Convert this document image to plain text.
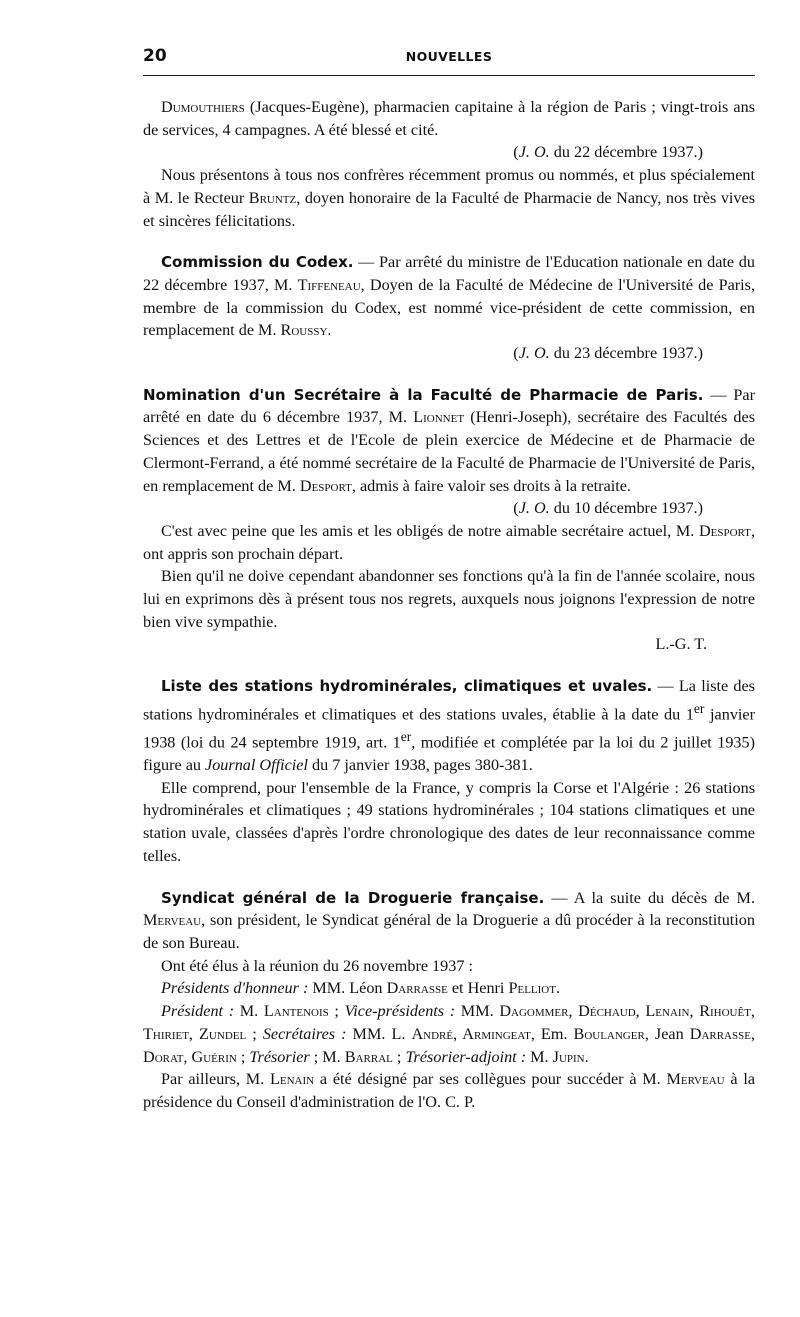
20	NOUVELLES

Dumouthiers (Jacques-Eugène), pharmacien capitaine à la région de Paris ; vingt-trois ans de services, 4 campagnes. A été blessé et cité.

(J. O. du 22 décembre 1937.)

Nous présentons à tous nos confrères récemment promus ou nommés, et plus spécialement à M. le Recteur Bruntz, doyen honoraire de la Faculté de Pharmacie de Nancy, nos très vives et sincères félicitations.

Commission du Codex. — Par arrêté du ministre de l'Education nationale en date du 22 décembre 1937, M. Tiffeneau, Doyen de la Faculté de Médecine de l'Université de Paris, membre de la commission du Codex, est nommé vice-président de cette commission, en remplacement de M. Roussy.

(J. O. du 23 décembre 1937.)

Nomination d'un Secrétaire à la Faculté de Pharmacie de Paris. — Par arrêté en date du 6 décembre 1937, M. Lionnet (Henri-Joseph), secrétaire des Facultés des Sciences et des Lettres et de l'Ecole de plein exercice de Médecine et de Pharmacie de Clermont-Ferrand, a été nommé secrétaire de la Faculté de Pharmacie de l'Université de Paris, en remplacement de M. Desport, admis à faire valoir ses droits à la retraite.

(J. O. du 10 décembre 1937.)

C'est avec peine que les amis et les obligés de notre aimable secrétaire actuel, M. Desport, ont appris son prochain départ.

Bien qu'il ne doive cependant abandonner ses fonctions qu'à la fin de l'année scolaire, nous lui en exprimons dès à présent tous nos regrets, auxquels nous joignons l'expression de notre bien vive sympathie.

L.-G. T.

Liste des stations hydrominérales, climatiques et uvales. — La liste des stations hydrominérales et climatiques et des stations uvales, établie à la date du 1er janvier 1938 (loi du 24 septembre 1919, art. 1er, modifiée et complétée par la loi du 2 juillet 1935) figure au Journal Officiel du 7 janvier 1938, pages 380-381.

Elle comprend, pour l'ensemble de la France, y compris la Corse et l'Algérie : 26 stations hydrominérales et climatiques ; 49 stations hydrominérales ; 104 stations climatiques et une station uvale, classées d'après l'ordre chronologique des dates de leur reconnaissance comme telles.

Syndicat général de la Droguerie française. — A la suite du décès de M. Merveau, son président, le Syndicat général de la Droguerie a dû procéder à la reconstitution de son Bureau.

Ont été élus à la réunion du 26 novembre 1937 :

Présidents d'honneur : MM. Léon Darrasse et Henri Pelliot.

Président : M. Lantenois ; Vice-présidents : MM. Dagommer, Déchaud, Lenain, Rihouêt, Thiriet, Zundel ; Secrétaires : MM. L. André, Armingeat, Em. Boulanger, Jean Darrasse, Dorat, Guérin ; Trésorier ; M. Barral ; Trésorier-adjoint : M. Jupin.

Par ailleurs, M. Lenain a été désigné par ses collègues pour succéder à M. Merveau à la présidence du Conseil d'administration de l'O. C. P.
